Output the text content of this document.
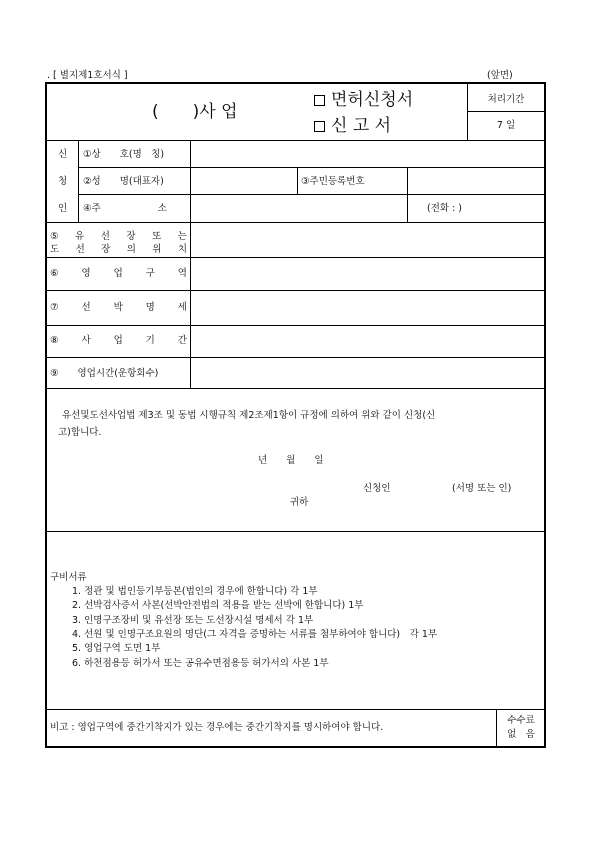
. [ 별지제1호서식 ]	(앞면)
(　　)사 업
면허신청서
신 고 서
처리기간
7 일
신
청
인
①상　　호(명　칭)
②성　　명(대표자)	③주민등록번호
④주　　　　　　소	(전화 : )
⑤ 유 선 장 또 는
도 선 장 의 위 치
⑥ 영 업 구 역
⑦ 선 박 명 세
⑧ 사 업 기 간
⑨　　영업시간(운항회수)
유선및도선사업법 제3조 및 동법 시행규칙 제2조제1항이 규정에 의하여 위와 같이 신청(신
고)합니다.
년　　월　　일
신청인	(서명 또는 인)
귀하
구비서류
1. 정관 및 법인등기부등본(법인의 경우에 한합니다) 각 1부
2. 선박검사증서 사본(선박안전법의 적용을 받는 선박에 한합니다) 1부
3. 인명구조장비 및 유선장 또는 도선장시설 명세서 각 1부
4. 선원 및 인명구조요원의 명단(그 자격을 증명하는 서류를 첨부하여야 합니다)　각 1부
5. 영업구역 도면 1부
6. 하천점용등 허가서 또는 공유수면점용등 허가서의 사본 1부
비고 : 영업구역에 중간기착지가 있는 경우에는 중간기착지를 명시하여야 합니다.
수수료
없　음
